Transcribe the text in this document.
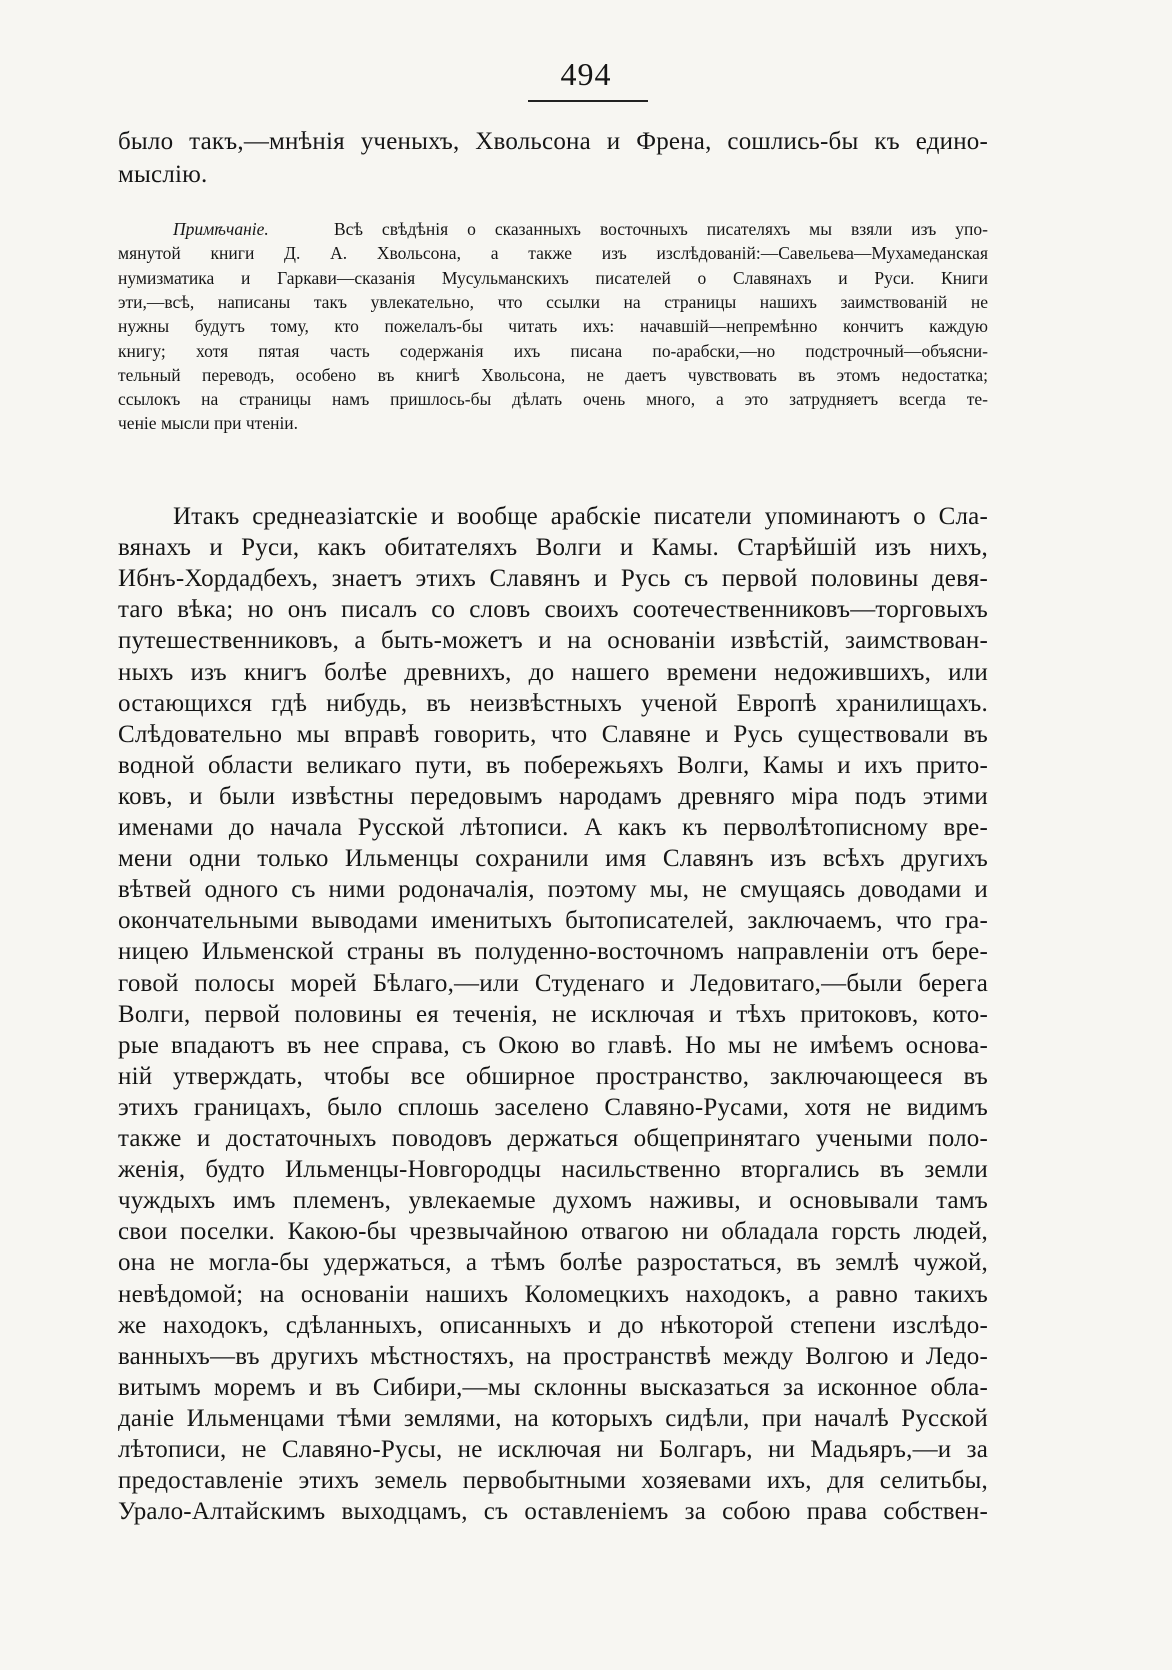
494
было такъ,—мнѣнія ученыхъ, Хвольсона и Френа, сошлись-бы къ едино-
мыслію.
Всѣ свѣдѣнія о сказанныхъ восточныхъ писателяхъ мы взяли изъ упо-
мянутой книги Д. А. Хвольсона, а также изъ изслѣдованій:—Савельева—Мухамеданская
нумизматика и Гаркави—сказанія Мусульманскихъ писателей о Славянахъ и Руси. Книги
эти,—всѣ, написаны такъ увлекательно, что ссылки на страницы нашихъ заимствованій не
нужны будутъ тому, кто пожелалъ-бы читать ихъ: начавшій—непремѣнно кончитъ каждую
книгу; хотя пятая часть содержанія ихъ писана по-арабски,—но подстрочный—объясни-
тельный переводъ, особено въ книгѣ Хвольсона, не даетъ чувствовать въ этомъ недостатка;
ссылокъ на страницы намъ пришлось-бы дѣлать очень много, а это затрудняетъ всегда те-
ченіе мысли при чтеніи.
Примѣчаніе.
Итакъ среднеазіатскіе и вообще арабскіе писатели упоминаютъ о Сла-
вянахъ и Руси, какъ обитателяхъ Волги и Камы. Старѣйшій изъ нихъ,
Ибнъ-Хордадбехъ, знаетъ этихъ Славянъ и Русь съ первой половины девя-
таго вѣка; но онъ писалъ со словъ своихъ соотечественниковъ—торговыхъ
путешественниковъ, а быть-можетъ и на основаніи извѣстій, заимствован-
ныхъ изъ книгъ болѣе древнихъ, до нашего времени недожившихъ, или
остающихся гдѣ нибудь, въ неизвѣстныхъ ученой Европѣ хранилищахъ.
Слѣдовательно мы вправѣ говорить, что Славяне и Русь существовали въ
водной области великаго пути, въ побережьяхъ Волги, Камы и ихъ прито-
ковъ, и были извѣстны передовымъ народамъ древняго міра подъ этими
именами до начала Русской лѣтописи. А какъ къ перволѣтописному вре-
мени одни только Ильменцы сохранили имя Славянъ изъ всѣхъ другихъ
вѣтвей одного съ ними родоначалія, поэтому мы, не смущаясь доводами и
окончательными выводами именитыхъ бытописателей, заключаемъ, что гра-
ницею Ильменской страны въ полуденно-восточномъ направленіи отъ бере-
говой полосы морей Бѣлаго,—или Студенаго и Ледовитаго,—были берега
Волги, первой половины ея теченія, не исключая и тѣхъ притоковъ, кото-
рые впадаютъ въ нее справа, съ Окою во главѣ. Но мы не имѣемъ основа-
ній утверждать, чтобы все обширное пространство, заключающееся въ
этихъ границахъ, было сплошь заселено Славяно-Русами, хотя не видимъ
также и достаточныхъ поводовъ держаться общепринятаго учеными поло-
женія, будто Ильменцы-Новгородцы насильственно вторгались въ земли
чуждыхъ имъ племенъ, увлекаемые духомъ наживы, и основывали тамъ
свои поселки. Какою-бы чрезвычайною отвагою ни обладала горсть людей,
она не могла-бы удержаться, а тѣмъ болѣе разростаться, въ землѣ чужой,
невѣдомой; на основаніи нашихъ Коломецкихъ находокъ, а равно такихъ
же находокъ, сдѣланныхъ, описанныхъ и до нѣкоторой степени изслѣдо-
ванныхъ—въ другихъ мѣстностяхъ, на пространствѣ между Волгою и Ледо-
витымъ моремъ и въ Сибири,—мы склонны высказаться за исконное обла-
даніе Ильменцами тѣми землями, на которыхъ сидѣли, при началѣ Русской
лѣтописи, не Славяно-Русы, не исключая ни Болгаръ, ни Мадьяръ,—и за
предоставленіе этихъ земель первобытными хозяевами ихъ, для селитьбы,
Урало-Алтайскимъ выходцамъ, съ оставленіемъ за собою права собствен-
